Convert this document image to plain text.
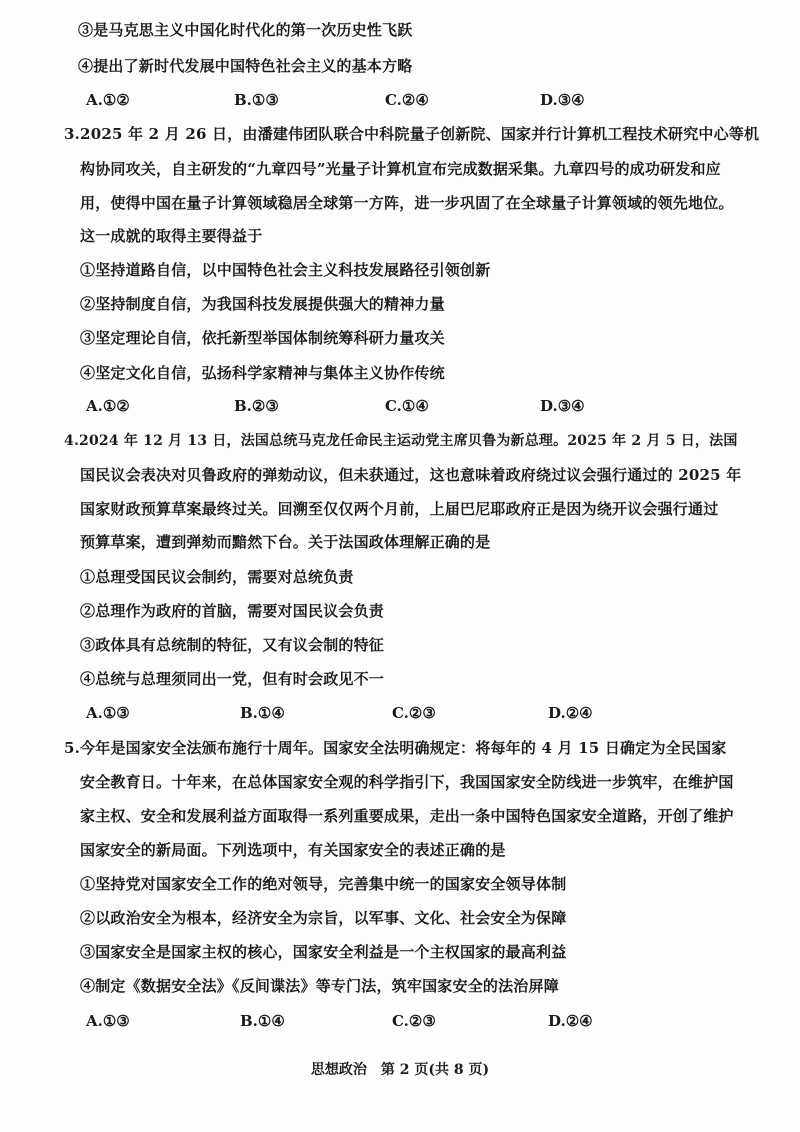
③是马克思主义中国化时代化的第一次历史性飞跃
④提出了新时代发展中国特色社会主义的基本方略
A.①②	B.①③	C.②④	D.③④
3.2025 年 2 月 26 日，由潘建伟团队联合中科院量子创新院、国家并行计算机工程技术研究中心等机
构协同攻关，自主研发的“九章四号”光量子计算机宣布完成数据采集。九章四号的成功研发和应
用，使得中国在量子计算领域稳居全球第一方阵，进一步巩固了在全球量子计算领域的领先地位。
这一成就的取得主要得益于
①坚持道路自信，以中国特色社会主义科技发展路径引领创新
②坚持制度自信，为我国科技发展提供强大的精神力量
③坚定理论自信，依托新型举国体制统筹科研力量攻关
④坚定文化自信，弘扬科学家精神与集体主义协作传统
A.①②	B.②③	C.①④	D.③④
4.2024 年 12 月 13 日，法国总统马克龙任命民主运动党主席贝鲁为新总理。2025 年 2 月 5 日，法国
国民议会表决对贝鲁政府的弹劾动议，但未获通过，这也意味着政府绕过议会强行通过的 2025 年
国家财政预算草案最终过关。回溯至仅仅两个月前，上届巴尼耶政府正是因为绕开议会强行通过
预算草案，遭到弹劾而黯然下台。关于法国政体理解正确的是
①总理受国民议会制约，需要对总统负责
②总理作为政府的首脑，需要对国民议会负责
③政体具有总统制的特征，又有议会制的特征
④总统与总理须同出一党，但有时会政见不一
A.①③	B.①④	C.②③	D.②④
5.今年是国家安全法颁布施行十周年。国家安全法明确规定：将每年的 4 月 15 日确定为全民国家
安全教育日。十年来，在总体国家安全观的科学指引下，我国国家安全防线进一步筑牢，在维护国
家主权、安全和发展利益方面取得一系列重要成果，走出一条中国特色国家安全道路，开创了维护
国家安全的新局面。下列选项中，有关国家安全的表述正确的是
①坚持党对国家安全工作的绝对领导，完善集中统一的国家安全领导体制
②以政治安全为根本，经济安全为宗旨，以军事、文化、社会安全为保障
③国家安全是国家主权的核心，国家安全利益是一个主权国家的最高利益
④制定《数据安全法》《反间谍法》等专门法，筑牢国家安全的法治屏障
A.①③	B.①④	C.②③	D.②④
思想政治　第 2 页(共 8 页)
